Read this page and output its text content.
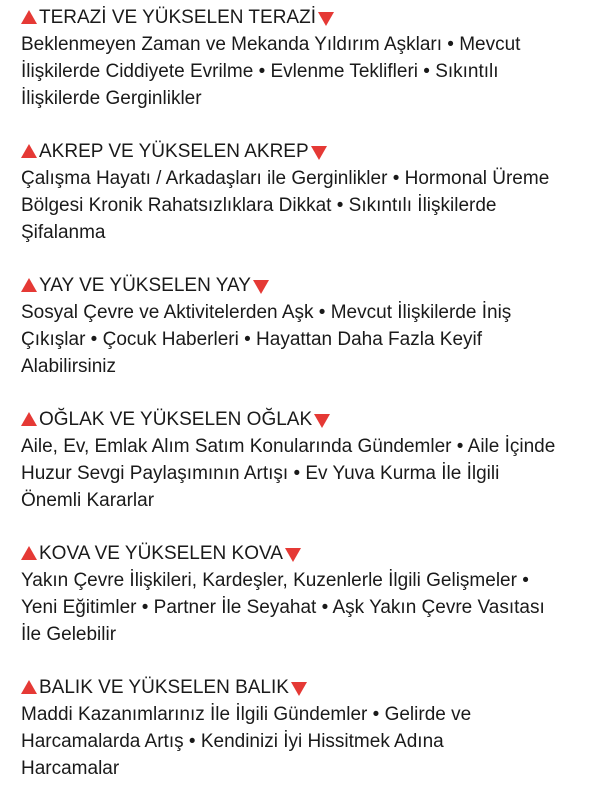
TERAZİ VE YÜKSELEN TERAZİ

Beklenmeyen Zaman ve Mekanda Yıldırım Aşkları • Mevcut
İlişkilerde Ciddiyete Evrilme • Evlenme Teklifleri • Sıkıntılı
İlişkilerde Gerginlikler

AKREP VE YÜKSELEN AKREP

Çalışma Hayatı / Arkadaşları ile Gerginlikler • Hormonal Üreme
Bölgesi Kronik Rahatsızlıklara Dikkat • Sıkıntılı İlişkilerde
Şifalanma

YAY VE YÜKSELEN YAY

Sosyal Çevre ve Aktivitelerden Aşk • Mevcut İlişkilerde İniş
Çıkışlar • Çocuk Haberleri • Hayattan Daha Fazla Keyif
Alabilirsiniz

OĞLAK VE YÜKSELEN OĞLAK

Aile, Ev, Emlak Alım Satım Konularında Gündemler • Aile İçinde
Huzur Sevgi Paylaşımının Artışı • Ev Yuva Kurma İle İlgili
Önemli Kararlar

KOVA VE YÜKSELEN KOVA

Yakın Çevre İlişkileri, Kardeşler, Kuzenlerle İlgili Gelişmeler •
Yeni Eğitimler • Partner İle Seyahat • Aşk Yakın Çevre Vasıtası
İle Gelebilir

BALIK VE YÜKSELEN BALIK

Maddi Kazanımlarınız İle İlgili Gündemler • Gelirde ve
Harcamalarda Artış • Kendinizi İyi Hissitmek Adına
Harcamalar
